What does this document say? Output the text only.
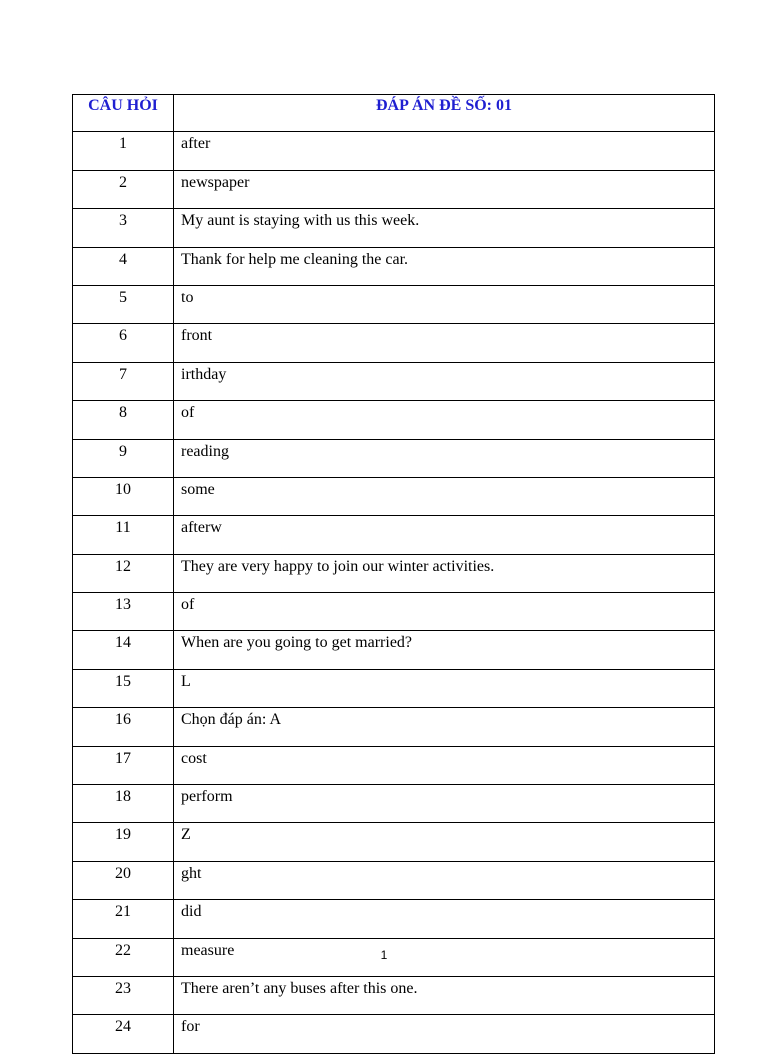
CÂU HỎI	ĐÁP ÁN ĐỀ SỐ: 01
1	after
2	newspaper
3	My aunt is staying with us this week.
4	Thank for help me cleaning the car.
5	to
6	front
7	irthday
8	of
9	reading
10	some
11	afterw
12	They are very happy to join our winter activities.
13	of
14	When are you going to get married?
15	L
16	Chọn đáp án: A
17	cost
18	perform
19	Z
20	ght
21	did
22	measure
23	There aren’t any buses after this one.
24	for
1
